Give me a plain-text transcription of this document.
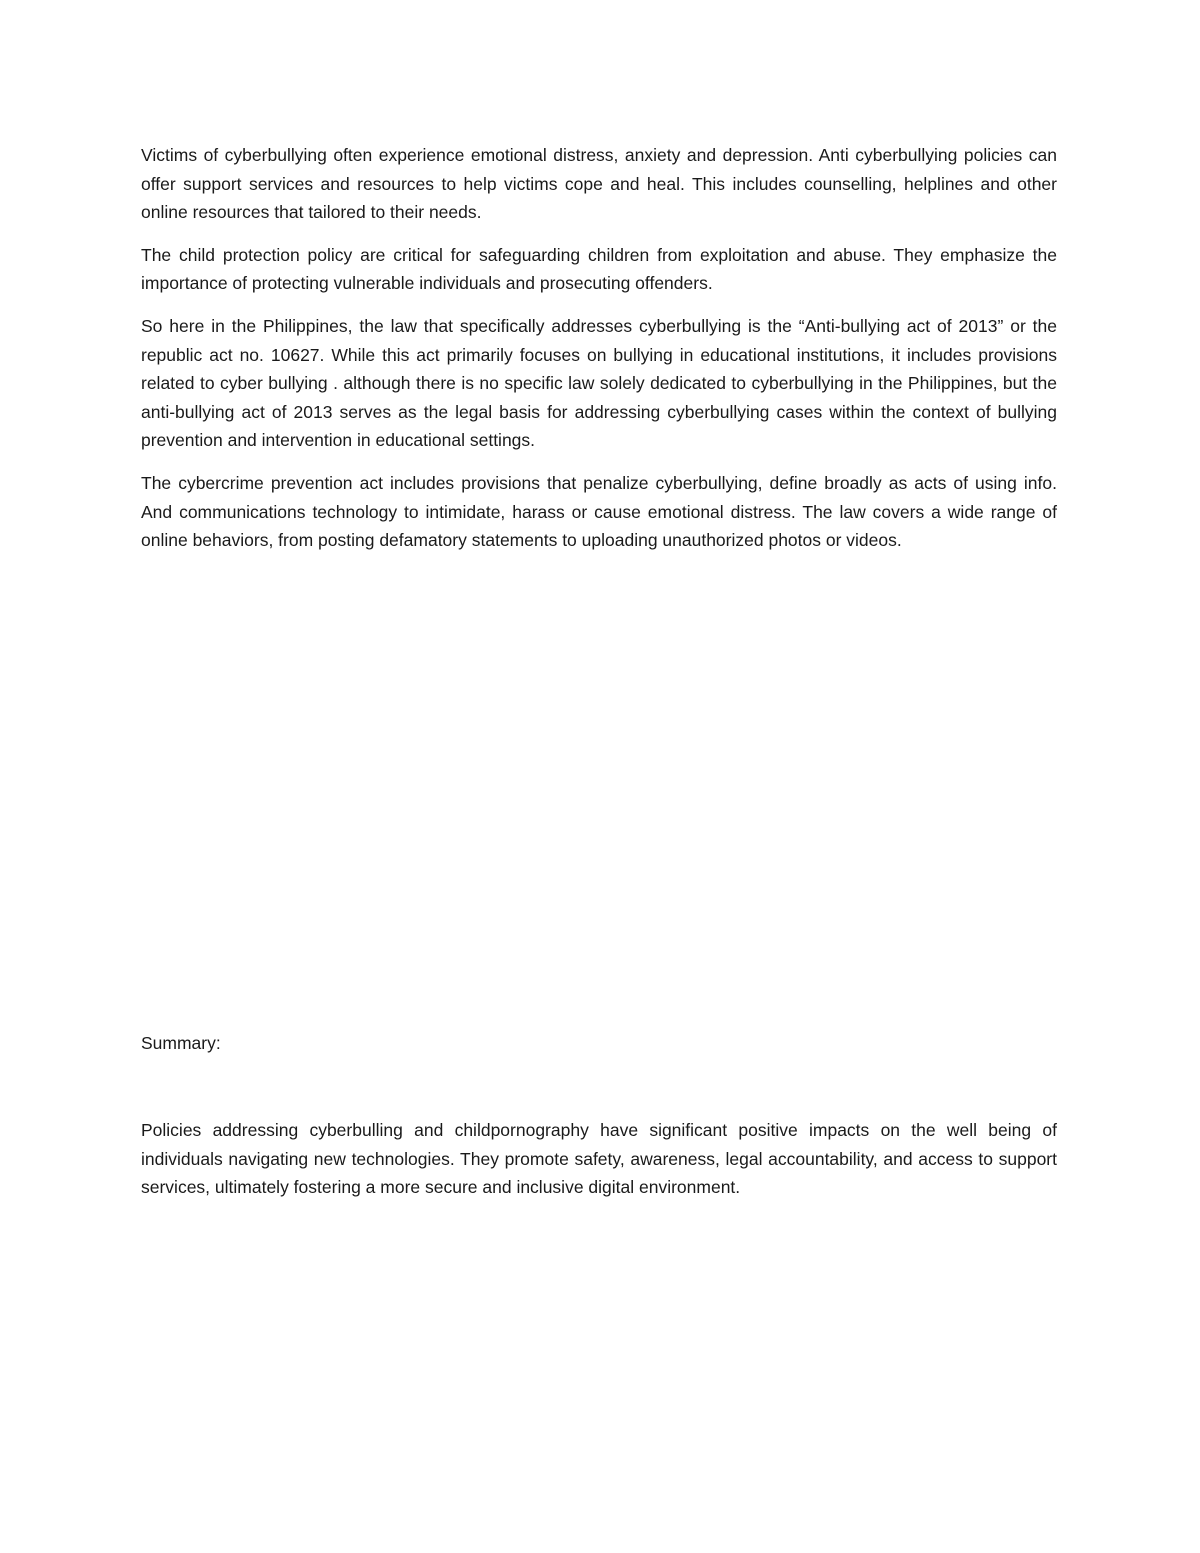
Victims of cyberbullying often experience emotional distress, anxiety and depression. Anti cyberbullying policies can offer support services and resources to help victims cope and heal. This includes counselling, helplines and other online resources that tailored to their needs.

The child protection policy are critical for safeguarding children from exploitation and abuse. They emphasize the importance of protecting vulnerable individuals and prosecuting offenders.

So here in the Philippines, the law that specifically addresses cyberbullying is the “Anti-bullying act of 2013” or the republic act no. 10627. While this act primarily focuses on bullying in educational institutions, it includes provisions related to cyber bullying . although there is no specific law solely dedicated to cyberbullying in the Philippines, but the anti-bullying act of 2013 serves as the legal basis for addressing cyberbullying cases within the context of bullying prevention and intervention in educational settings.

The cybercrime prevention act includes provisions that penalize cyberbullying, define broadly as acts of using info. And communications technology to intimidate, harass or cause emotional distress. The law covers a wide range of online behaviors, from posting defamatory statements to uploading unauthorized photos or videos.

Summary:

Policies addressing cyberbulling and childpornography have significant positive impacts on the well being of individuals navigating new technologies. They promote safety, awareness, legal accountability, and access to support services, ultimately fostering a more secure and inclusive digital environment.
